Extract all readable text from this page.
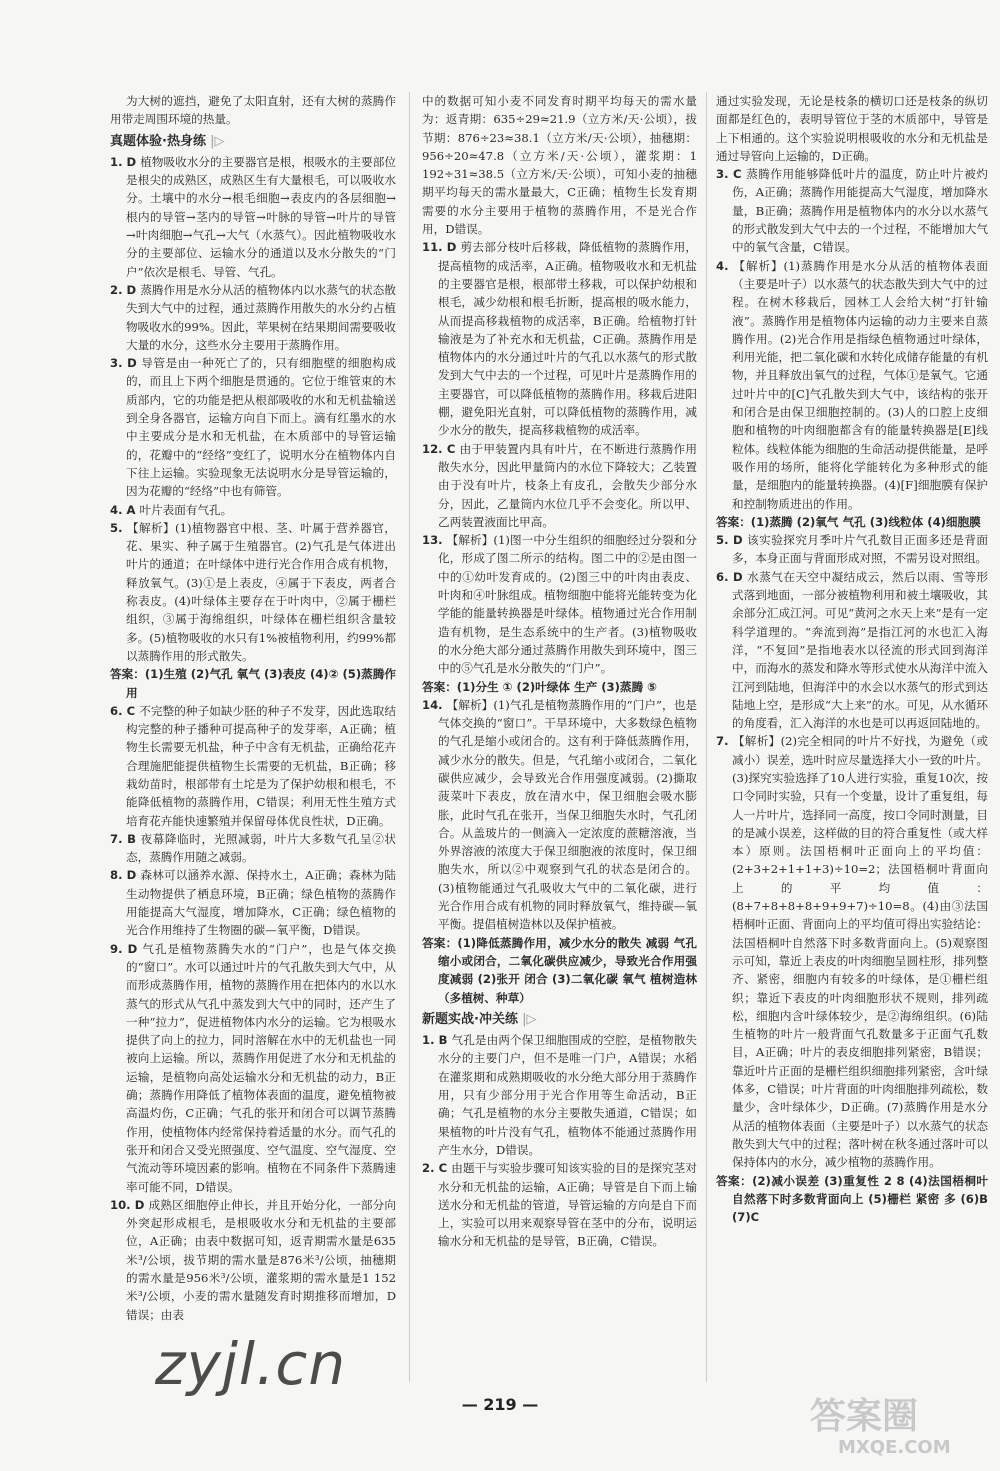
为大树的遮挡，避免了太阳直射，还有大树的蒸腾作用带走周围环境的热量。

真题体验·热身练 |▷

1. D 植物吸收水分的主要器官是根，根吸水的主要部位是根尖的成熟区，成熟区生有大量根毛，可以吸收水分。土壤中的水分→根毛细胞→表皮内的各层细胞→根内的导管→茎内的导管→叶脉的导管→叶片的导管→叶肉细胞→气孔→大气（水蒸气）。因此植物吸收水分的主要部位、运输水分的通道以及水分散失的“门户”依次是根毛、导管、气孔。

2. D 蒸腾作用是水分从活的植物体内以水蒸气的状态散失到大气中的过程，通过蒸腾作用散失的水分约占植物吸收水的99%。因此，苹果树在结果期间需要吸收大量的水分，这些水分主要用于蒸腾作用。

3. D 导管是由一种死亡了的，只有细胞壁的细胞构成的，而且上下两个细胞是贯通的。它位于维管束的木质部内，它的功能是把从根部吸收的水和无机盐输送到全身各器官，运输方向自下而上。滴有红墨水的水中主要成分是水和无机盐，在木质部中的导管运输的，花瓣中的“经络”变红了，说明水分在植物体内自下往上运输。实验现象无法说明水分是导管运输的，因为花瓣的“经络”中也有筛管。

4. A 叶片表面有气孔。

5. 【解析】(1)植物器官中根、茎、叶属于营养器官，花、果实、种子属于生殖器官。(2)气孔是气体进出叶片的通道；在叶绿体中进行光合作用合成有机物，释放氧气。(3)①是上表皮，④属于下表皮，两者合称表皮。(4)叶绿体主要存在于叶肉中，②属于栅栏组织，③属于海绵组织，叶绿体在栅栏组织含量较多。(5)植物吸收的水只有1%被植物利用，约99%都以蒸腾作用的形式散失。

答案：(1)生殖 (2)气孔 氧气 (3)表皮 (4)② (5)蒸腾作用

6. C 不完整的种子如缺少胚的种子不发芽，因此选取结构完整的种子播种可提高种子的发芽率，A正确；植物生长需要无机盐，种子中含有无机盐，正确给花卉合理施肥能提供植物生长需要的无机盐，B正确；移栽幼苗时，根部带有土坨是为了保护幼根和根毛，不能降低植物的蒸腾作用，C错误；利用无性生殖方式培育花卉能快速繁殖并保留母体优良性状，D正确。

7. B 夜幕降临时，光照减弱，叶片大多数气孔呈②状态，蒸腾作用随之减弱。

8. D 森林可以涵养水源、保持水土，A正确；森林为陆生动物提供了栖息环境，B正确；绿色植物的蒸腾作用能提高大气湿度，增加降水，C正确；绿色植物的光合作用维持了生物圈的碳—氧平衡，D错误。

9. D 气孔是植物蒸腾失水的“门户”，也是气体交换的“窗口”。水可以通过叶片的气孔散失到大气中，从而形成蒸腾作用，植物的蒸腾作用在把体内的水以水蒸气的形式从气孔中蒸发到大气中的同时，还产生了一种“拉力”，促进植物体内水分的运输。它为根吸水提供了向上的拉力，同时溶解在水中的无机盐也一同被向上运输。所以，蒸腾作用促进了水分和无机盐的运输，是植物向高处运输水分和无机盐的动力，B正确；蒸腾作用降低了植物体表面的温度，避免植物被高温灼伤，C正确；气孔的张开和闭合可以调节蒸腾作用，使植物体内经常保持着适量的水分。而气孔的张开和闭合又受光照强度、空气温度、空气湿度、空气流动等环境因素的影响。植物在不同条件下蒸腾速率可能不同，D错误。

10. D 成熟区细胞停止伸长，并且开始分化，一部分向外突起形成根毛，是根吸收水分和无机盐的主要部位，A正确；由表中数据可知，返青期需水量是635米³/公顷，拔节期的需水量是876米³/公顷，抽穗期的需水量是956米³/公顷，灌浆期的需水量是1 152米³/公顷，小麦的需水量随发育时期推移而增加，D错误；由表

中的数据可知小麦不同发育时期平均每天的需水量为：返青期：635÷29≈21.9（立方米/天·公顷），拔节期：876÷23≈38.1（立方米/天·公顷），抽穗期：956÷20≈47.8（立方米/天·公顷），灌浆期：1 192÷31≈38.5（立方米/天·公顷），可知小麦的抽穗期平均每天的需水量最大，C正确；植物生长发育期需要的水分主要用于植物的蒸腾作用，不是光合作用，D错误。

11. D 剪去部分枝叶后移栽，降低植物的蒸腾作用，提高植物的成活率，A正确。植物吸收水和无机盐的主要器官是根，根部带土移栽，可以保护幼根和根毛，减少幼根和根毛折断，提高根的吸水能力，从而提高移栽植物的成活率，B正确。给植物打针输液是为了补充水和无机盐，C正确。蒸腾作用是植物体内的水分通过叶片的气孔以水蒸气的形式散发到大气中去的一个过程，可见叶片是蒸腾作用的主要器官，可以降低植物的蒸腾作用。移栽后进阳棚，避免阳光直射，可以降低植物的蒸腾作用，减少水分的散失，提高移栽植物的成活率。

12. C 由于甲装置内具有叶片，在不断进行蒸腾作用散失水分，因此甲量筒内的水位下降较大；乙装置由于没有叶片，枝条上有皮孔，会散失少部分水分，因此，乙量筒内水位几乎不会变化。所以甲、乙两装置液面比甲高。

13. 【解析】(1)图一中分生组织的细胞经过分裂和分化，形成了图二所示的结构。图二中的②是由图一中的①幼叶发育成的。(2)图三中的叶肉由表皮、叶肉和④叶脉组成。植物细胞中能将光能转变为化学能的能量转换器是叶绿体。植物通过光合作用制造有机物，是生态系统中的生产者。(3)植物吸收的水分绝大部分通过蒸腾作用散失到环境中，图三中的⑤气孔是水分散失的“门户”。

答案：(1)分生 ① (2)叶绿体 生产 (3)蒸腾 ⑤

14. 【解析】(1)气孔是植物蒸腾作用的“门户”，也是气体交换的“窗口”。干旱环境中，大多数绿色植物的气孔是缩小或闭合的。这有利于降低蒸腾作用，减少水分的散失。但是，气孔缩小或闭合，二氧化碳供应减少，会导致光合作用强度减弱。(2)撕取菠菜叶下表皮，放在清水中，保卫细胞会吸水膨胀，此时气孔在张开，当保卫细胞失水时，气孔闭合。从盖玻片的一侧滴入一定浓度的蔗糖溶液，当外界溶液的浓度大于保卫细胞液的浓度时，保卫细胞失水，所以②中观察到气孔的状态是闭合的。(3)植物能通过气孔吸收大气中的二氧化碳，进行光合作用合成有机物的同时释放氧气，维持碳—氧平衡。提倡植树造林以及保护植被。

答案：(1)降低蒸腾作用，减少水分的散失 减弱 气孔缩小或闭合，二氧化碳供应减少，导致光合作用强度减弱 (2)张开 闭合 (3)二氧化碳 氧气 植树造林（多植树、种草）

新题实战·冲关练 |▷

1. B 气孔是由两个保卫细胞围成的空腔，是植物散失水分的主要门户，但不是唯一门户，A错误；水稻在灌浆期和成熟期吸收的水分绝大部分用于蒸腾作用，只有少部分用于光合作用等生命活动，B正确；气孔是植物的水分主要散失通道，C错误；如果植物的叶片没有气孔，植物体不能通过蒸腾作用产生水分，D错误。

2. C 由题干与实验步骤可知该实验的目的是探究茎对水分和无机盐的运输，A正确；导管是自下而上输送水分和无机盐的管道，导管运输的方向是自下而上，实验可以用来观察导管在茎中的分布，说明运输水分和无机盐的是导管，B正确，C错误。

通过实验发现，无论是枝条的横切口还是枝条的纵切面都是红色的，表明导管位于茎的木质部中，导管是上下相通的。这个实验说明根吸收的水分和无机盐是通过导管向上运输的，D正确。

3. C 蒸腾作用能够降低叶片的温度，防止叶片被灼伤，A正确；蒸腾作用能提高大气湿度，增加降水量，B正确；蒸腾作用是植物体内的水分以水蒸气的形式散发到大气中去的一个过程，不能增加大气中的氧气含量，C错误。

4. 【解析】(1)蒸腾作用是水分从活的植物体表面（主要是叶子）以水蒸气的状态散失到大气中的过程。在树木移栽后，园林工人会给大树“打针输液”。蒸腾作用是植物体内运输的动力主要来自蒸腾作用。(2)光合作用是指绿色植物通过叶绿体，利用光能，把二氧化碳和水转化成储存能量的有机物，并且释放出氧气的过程，气体①是氧气。它通过叶片中的[C]气孔散失到大气中，该结构的张开和闭合是由保卫细胞控制的。(3)人的口腔上皮细胞和植物的叶肉细胞都含有的能量转换器是[E]线粒体。线粒体能为细胞的生命活动提供能量，是呼吸作用的场所，能将化学能转化为多种形式的能量，是细胞内的能量转换器。(4)[F]细胞膜有保护和控制物质进出的作用。

答案：(1)蒸腾 (2)氧气 气孔 (3)线粒体 (4)细胞膜

5. D 该实验探究月季叶片气孔数目正面多还是背面多，本身正面与背面形成对照，不需另设对照组。

6. D 水蒸气在天空中凝结成云，然后以雨、雪等形式落到地面，一部分被植物利用和被土壤吸收，其余部分汇成江河。可见“黄河之水天上来”是有一定科学道理的。“奔流到海”是指江河的水也汇入海洋，“不复回”是指地表水以径流的形式回到海洋中，而海水的蒸发和降水等形式使水从海洋中流入江河到陆地，但海洋中的水会以水蒸气的形式到达陆地上空，是形成“大上来”的水。可见，从水循环的角度看，汇入海洋的水也是可以再返回陆地的。

7. 【解析】(2)完全相同的叶片不好找，为避免（或减小）误差，选叶时应尽量选择大小一致的叶片。(3)探究实验选择了10人进行实验，重复10次，按口令同时实验，只有一个变量，设计了重复组，每人一片叶片，选择同一高度，按口令同时测量，目的是减小误差，这样做的目的符合重复性（或大样本）原则。法国梧桐叶正面向上的平均值：(2+3+2+1+1+3)÷10=2；法国梧桐叶背面向上的平均值：(8+7+8+8+8+9+9+7)÷10=8。(4)由③法国梧桐叶正面、背面向上的平均值可得出实验结论：法国梧桐叶自然落下时多数背面向上。(5)观察图示可知，靠近上表皮的叶肉细胞呈圆柱形，排列整齐、紧密，细胞内有较多的叶绿体，是①栅栏组织；靠近下表皮的叶肉细胞形状不规则，排列疏松，细胞内含叶绿体较少，是②海绵组织。(6)陆生植物的叶片一般背面气孔数量多于正面气孔数目，A正确；叶片的表皮细胞排列紧密，B错误；靠近叶片正面的是栅栏组织细胞排列紧密，含叶绿体多，C错误；叶片背面的叶肉细胞排列疏松，数量少，含叶绿体少，D正确。(7)蒸腾作用是水分从活的植物体表面（主要是叶子）以水蒸气的状态散失到大气中的过程；落叶树在秋冬通过落叶可以保持体内的水分，减少植物的蒸腾作用。

答案：(2)减小误差 (3)重复性 2 8 (4)法国梧桐叶自然落下时多数背面向上 (5)栅栏 紧密 多 (6)B (7)C

— 219 —
zyjl.cn
答案圈
MXQE.COM
